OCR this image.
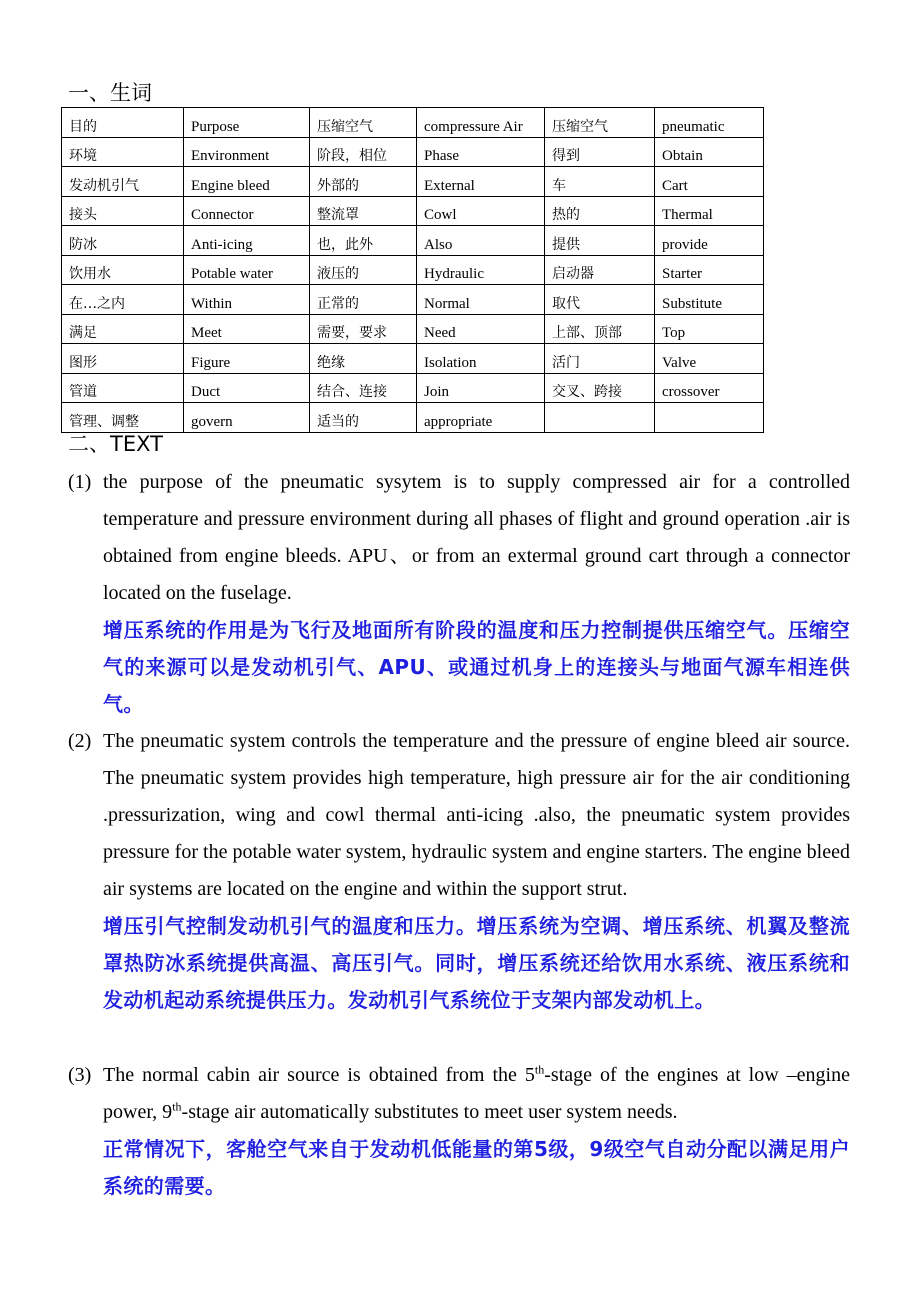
一、生词
目的	Purpose	压缩空气	compressure Air	压缩空气	pneumatic
环境	Environment	阶段，相位	Phase	得到	Obtain
发动机引气	Engine bleed	外部的	External	车	Cart
接头	Connector	整流罩	Cowl	热的	Thermal
防冰	Anti-icing	也，此外	Also	提供	provide
饮用水	Potable water	液压的	Hydraulic	启动器	Starter
在…之内	Within	正常的	Normal	取代	Substitute
满足	Meet	需要，要求	Need	上部、顶部	Top
图形	Figure	绝缘	Isolation	活门	Valve
管道	Duct	结合、连接	Join	交叉、跨接	crossover
管理、调整	govern	适当的	appropriate		
二、TEXT
(1) the purpose of the pneumatic sysytem is to supply compressed air for a controlled temperature and pressure environment during all phases of flight and ground operation .air is obtained from engine bleeds. APU、or from an extermal ground cart through a connector located on the fuselage.
增压系统的作用是为飞行及地面所有阶段的温度和压力控制提供压缩空气。压缩空气的来源可以是发动机引气、APU、或通过机身上的连接头与地面气源车相连供气。
(2) The pneumatic system controls the temperature and the pressure of engine bleed air source. The pneumatic system provides high temperature, high pressure air for the air conditioning .pressurization, wing and cowl thermal anti-icing .also, the pneumatic system provides pressure for the potable water system, hydraulic system and engine starters. The engine bleed air systems are located on the engine and within the support strut.
增压引气控制发动机引气的温度和压力。增压系统为空调、增压系统、机翼及整流罩热防冰系统提供高温、高压引气。同时，增压系统还给饮用水系统、液压系统和发动机起动系统提供压力。发动机引气系统位于支架内部发动机上。
(3) The normal cabin air source is obtained from the 5th-stage of the engines at low –engine power, 9th-stage air automatically substitutes to meet user system needs.
正常情况下，客舱空气来自于发动机低能量的第5级，9级空气自动分配以满足用户系统的需要。
